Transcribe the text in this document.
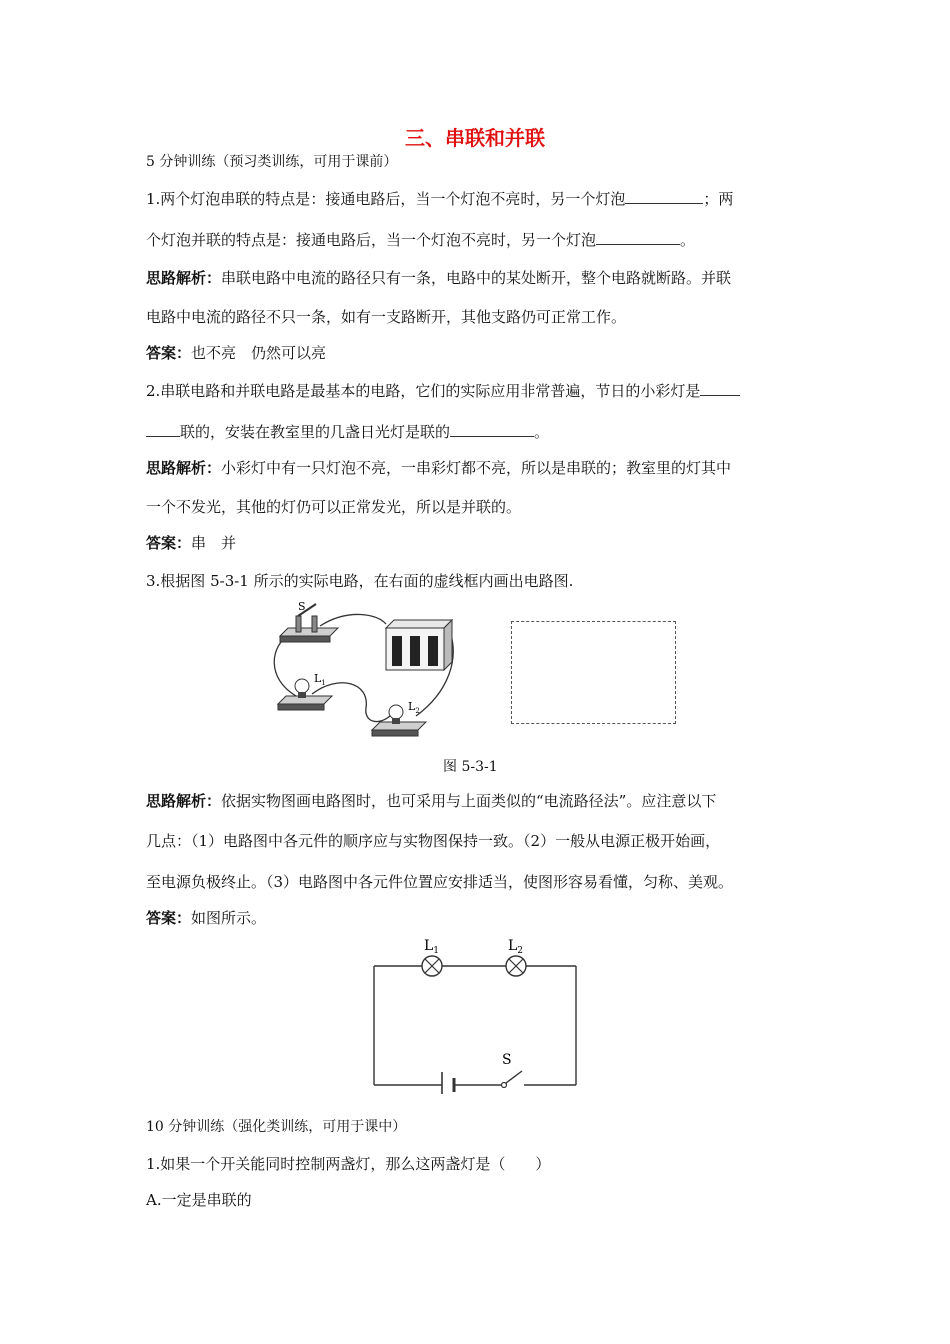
三、串联和并联
5 分钟训练（预习类训练，可用于课前）
1.两个灯泡串联的特点是：接通电路后，当一个灯泡不亮时，另一个灯泡	；两
个灯泡并联的特点是：接通电路后，当一个灯泡不亮时，另一个灯泡	。
思路解析：串联电路中电流的路径只有一条，电路中的某处断开，整个电路就断路。并联
电路中电流的路径不只一条，如有一支路断开，其他支路仍可正常工作。
答案：也不亮　仍然可以亮
2.串联电路和并联电路是最基本的电路，它们的实际应用非常普遍，节日的小彩灯是
联的，安装在教室里的几盏日光灯是联的	。
思路解析：小彩灯中有一只灯泡不亮，一串彩灯都不亮，所以是串联的；教室里的灯其中
一个不发光，其他的灯仍可以正常发光，所以是并联的。
答案：串　并
3.根据图 5-3-1 所示的实际电路，在右面的虚线框内画出电路图.
S
$L_1$
$L_2$
图 5-3-1
思路解析：依据实物图画电路图时，也可采用与上面类似的“电流路径法”。应注意以下
几点：（1）电路图中各元件的顺序应与实物图保持一致。（2）一般从电源正极开始画，
至电源负极终止。（3）电路图中各元件位置应安排适当，使图形容易看懂，匀称、美观。
答案：如图所示。
$L_1$	$L_2$
S
10 分钟训练（强化类训练，可用于课中）
1.如果一个开关能同时控制两盏灯，那么这两盏灯是（　　）
A.一定是串联的
